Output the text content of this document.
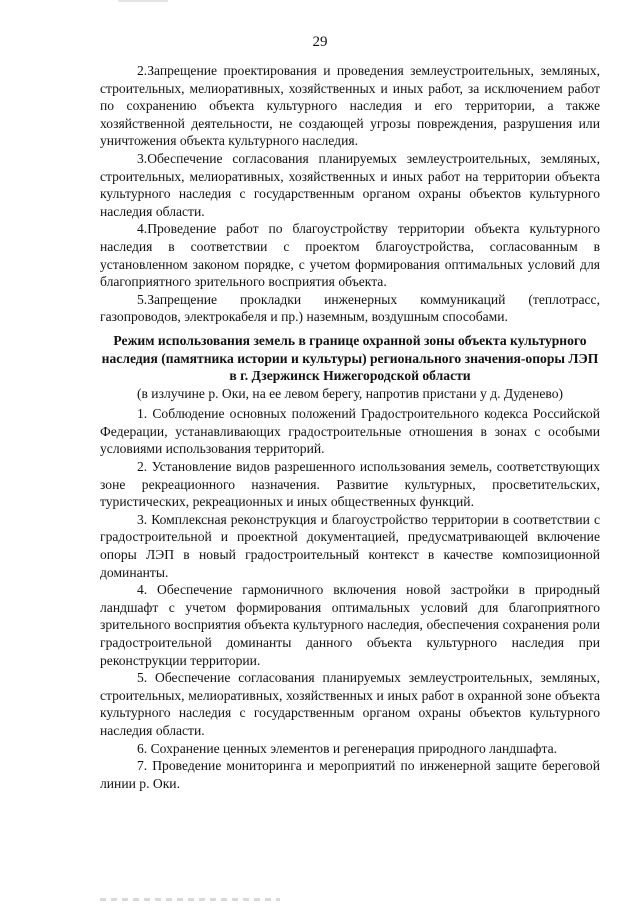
29

2.Запрещение проектирования и проведения землеустроительных, земляных, строительных, мелиоративных, хозяйственных и иных работ, за исключением работ по сохранению объекта культурного наследия и его территории, а также хозяйственной деятельности, не создающей угрозы повреждения, разрушения или уничтожения объекта культурного наследия.

3.Обеспечение согласования планируемых землеустроительных, земляных, строительных, мелиоративных, хозяйственных и иных работ на территории объекта культурного наследия с государственным органом охраны объектов культурного наследия области.

4.Проведение работ по благоустройству территории объекта культурного наследия в соответствии с проектом благоустройства, согласованным в установленном законом порядке, с учетом формирования оптимальных условий для благоприятного зрительного восприятия объекта.

5.Запрещение прокладки инженерных коммуникаций (теплотрасс, газопроводов, электрокабеля и пр.) наземным, воздушным способами.

Режим использования земель в границе охранной зоны объекта культурного наследия (памятника истории и культуры) регионального значения-опоры ЛЭП в г. Дзержинск Нижегородской области

(в излучине р. Оки, на ее левом берегу, напротив пристани у д. Дуденево)

1. Соблюдение основных положений Градостроительного кодекса Российской Федерации, устанавливающих градостроительные отношения в зонах с особыми условиями использования территорий.

2. Установление видов разрешенного использования земель, соответствующих зоне рекреационного назначения. Развитие культурных, просветительских, туристических, рекреационных и иных общественных функций.

3. Комплексная реконструкция и благоустройство территории в соответствии с градостроительной и проектной документацией, предусматривающей включение опоры ЛЭП в новый градостроительный контекст в качестве композиционной доминанты.

4. Обеспечение гармоничного включения новой застройки в природный ландшафт с учетом формирования оптимальных условий для благоприятного зрительного восприятия объекта культурного наследия, обеспечения сохранения роли градостроительной доминанты данного объекта культурного наследия при реконструкции территории.

5. Обеспечение согласования планируемых землеустроительных, земляных, строительных, мелиоративных, хозяйственных и иных работ в охранной зоне объекта культурного наследия с государственным органом охраны объектов культурного наследия области.

6. Сохранение ценных элементов и регенерация природного ландшафта.

7. Проведение мониторинга и мероприятий по инженерной защите береговой линии р. Оки.
